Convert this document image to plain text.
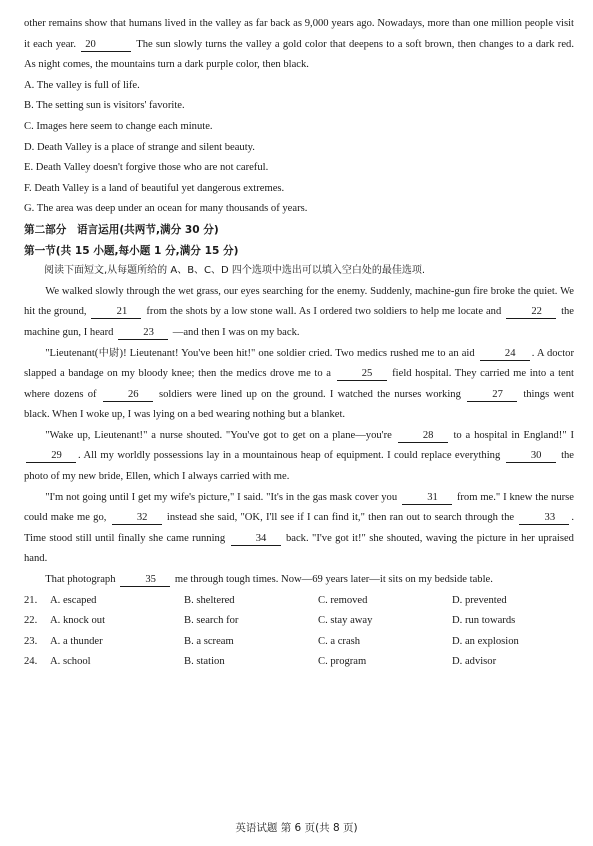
other remains show that humans lived in the valley as far back as 9,000 years ago. Nowadays, more than one million people visit it each year. 20	The sun slowly turns the valley a gold color that deepens to a soft brown, then changes to a dark red. As night comes, the mountains turn a dark purple color, then black.

A. The valley is full of life.

B. The setting sun is visitors' favorite.

C. Images here seem to change each minute.

D. Death Valley is a place of strange and silent beauty.

E. Death Valley doesn't forgive those who are not careful.

F. Death Valley is a land of beautiful yet dangerous extremes.

G. The area was deep under an ocean for many thousands of years.

第二部分　语言运用(共两节,满分 30 分)

第一节(共 15 小题,每小题 1 分,满分 15 分)

阅读下面短文,从每题所给的 A、B、C、D 四个选项中选出可以填入空白处的最佳选项.

We walked slowly through the wet grass, our eyes searching for the enemy. Suddenly, machine-gun fire broke the quiet. We hit the ground,	21 from the shots by a low stone wall. As I ordered two soldiers to help me locate and	22 the machine gun, I heard	23 —and then I was on my back.

"Lieutenant(中尉)! Lieutenant! You've been hit!" one soldier cried. Two medics rushed me to an aid	24 . A doctor slapped a bandage on my bloody knee; then the medics drove me to a	25 field hospital. They carried me into a tent where dozens of	26 soldiers were lined up on the ground. I watched the nurses working	27 things went black. When I woke up, I was lying on a bed wearing nothing but a blanket.

"Wake up, Lieutenant!" a nurse shouted. "You've got to get on a plane—you're	28 to a hospital in England!" I 29 . All my worldly possessions lay in a mountainous heap of equipment. I could replace everything	30 the photo of my new bride, Ellen, which I always carried with me.

"I'm not going until I get my wife's picture," I said. "It's in the gas mask cover you	31 from me." I knew the nurse could make me go,	32 instead she said, "OK, I'll see if I can find it," then ran out to search through the	33 . Time stood still until finally she came running	34 back. "I've got it!" she shouted, waving the picture in her upraised hand.

That photograph	35 me through tough times. Now—69 years later—it sits on my bedside table.

21.	A. escaped	B. sheltered	C. removed	D. prevented
22.	A. knock out	B. search for	C. stay away	D. run towards
23.	A. a thunder	B. a scream	C. a crash	D. an explosion
24.	A. school	B. station	C. program	D. advisor
英语试题 第 6 页(共 8 页)
